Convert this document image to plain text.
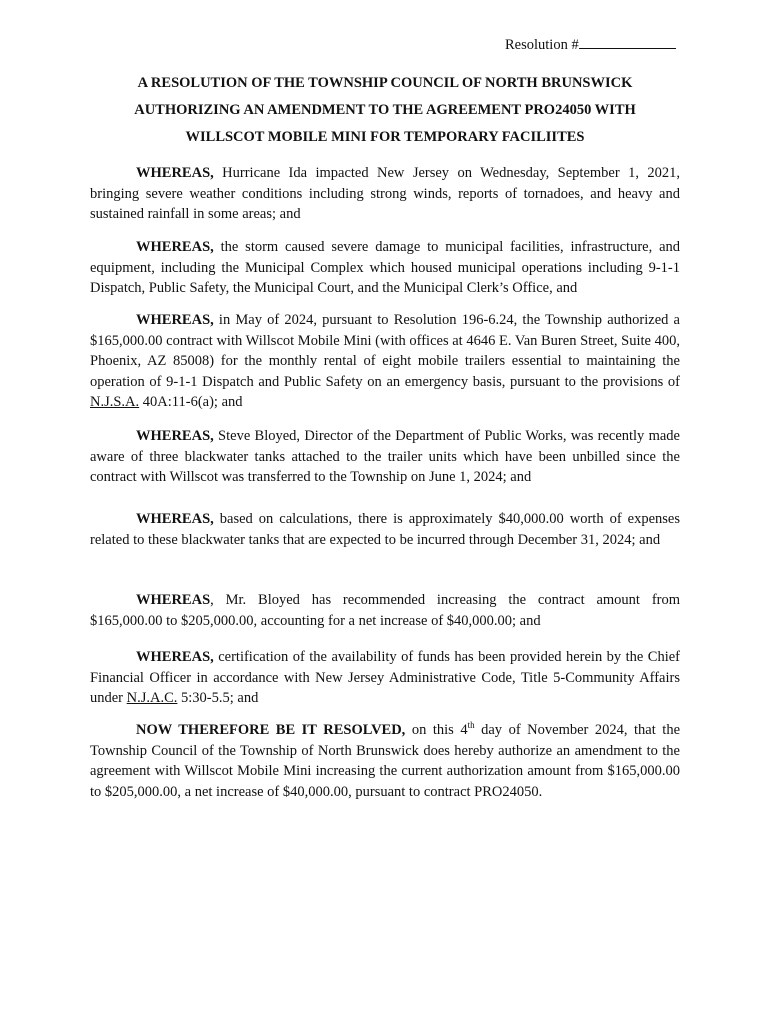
Resolution #
A RESOLUTION OF THE TOWNSHIP COUNCIL OF NORTH BRUNSWICK
AUTHORIZING AN AMENDMENT TO THE AGREEMENT PRO24050 WITH
WILLSCOT MOBILE MINI FOR TEMPORARY FACILIITES

WHEREAS, Hurricane Ida impacted New Jersey on Wednesday, September 1, 2021, bringing severe weather conditions including strong winds, reports of tornadoes, and heavy and sustained rainfall in some areas; and

WHEREAS, the storm caused severe damage to municipal facilities, infrastructure, and equipment, including the Municipal Complex which housed municipal operations including 9-1-1 Dispatch, Public Safety, the Municipal Court, and the Municipal Clerk’s Office, and

WHEREAS, in May of 2024, pursuant to Resolution 196-6.24, the Township authorized a $165,000.00 contract with Willscot Mobile Mini (with offices at 4646 E. Van Buren Street, Suite 400, Phoenix, AZ 85008) for the monthly rental of eight mobile trailers essential to maintaining the operation of 9-1-1 Dispatch and Public Safety on an emergency basis, pursuant to the provisions of N.J.S.A. 40A:11-6(a); and

WHEREAS, Steve Bloyed, Director of the Department of Public Works, was recently made aware of three blackwater tanks attached to the trailer units which have been unbilled since the contract with Willscot was transferred to the Township on June 1, 2024; and

WHEREAS, based on calculations, there is approximately $40,000.00 worth of expenses related to these blackwater tanks that are expected to be incurred through December 31, 2024; and

WHEREAS, Mr. Bloyed has recommended increasing the contract amount from $165,000.00 to $205,000.00, accounting for a net increase of $40,000.00; and

WHEREAS, certification of the availability of funds has been provided herein by the Chief Financial Officer in accordance with New Jersey Administrative Code, Title 5-Community Affairs under N.J.A.C. 5:30-5.5; and

NOW THEREFORE BE IT RESOLVED, on this 4th day of November 2024, that the Township Council of the Township of North Brunswick does hereby authorize an amendment to the agreement with Willscot Mobile Mini increasing the current authorization amount from $165,000.00 to $205,000.00, a net increase of $40,000.00, pursuant to contract PRO24050.
